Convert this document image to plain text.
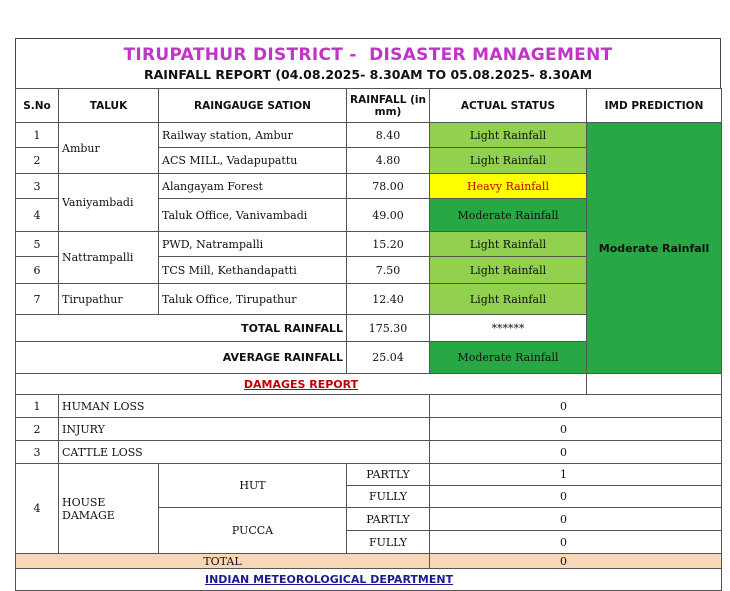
TIRUPATHUR DISTRICT -  DISASTER MANAGEMENT
RAINFALL REPORT (04.08.2025- 8.30AM TO 05.08.2025- 8.30AM
S.No	TALUK	RAINGAUGE SATION	RAINFALL (in mm)	ACTUAL STATUS	IMD PREDICTION
1	Ambur	Railway station, Ambur	8.40	Light Rainfall	Moderate Rainfall
2		ACS MILL, Vadapupattu	4.80	Light Rainfall	
3	Vaniyambadi	Alangayam Forest	78.00	Heavy Rainfall	
4		Taluk Office, Vanivambadi	49.00	Moderate Rainfall	
5	Nattrampalli	PWD, Natrampalli	15.20	Light Rainfall	
6		TCS Mill, Kethandapatti	7.50	Light Rainfall	
7	Tirupathur	Taluk Office, Tirupathur	12.40	Light Rainfall	
TOTAL RAINFALL			175.30	******	
AVERAGE RAINFALL			25.04	Moderate Rainfall	
DAMAGES REPORT					
1	HUMAN LOSS			0	
2	INJURY			0	
3	CATTLE LOSS			0	
4	HOUSE DAMAGE	HUT	PARTLY	1	
			FULLY	0	
		PUCCA	PARTLY	0	
			FULLY	0	
TOTAL				0	
INDIAN METEOROLOGICAL DEPARTMENT					
